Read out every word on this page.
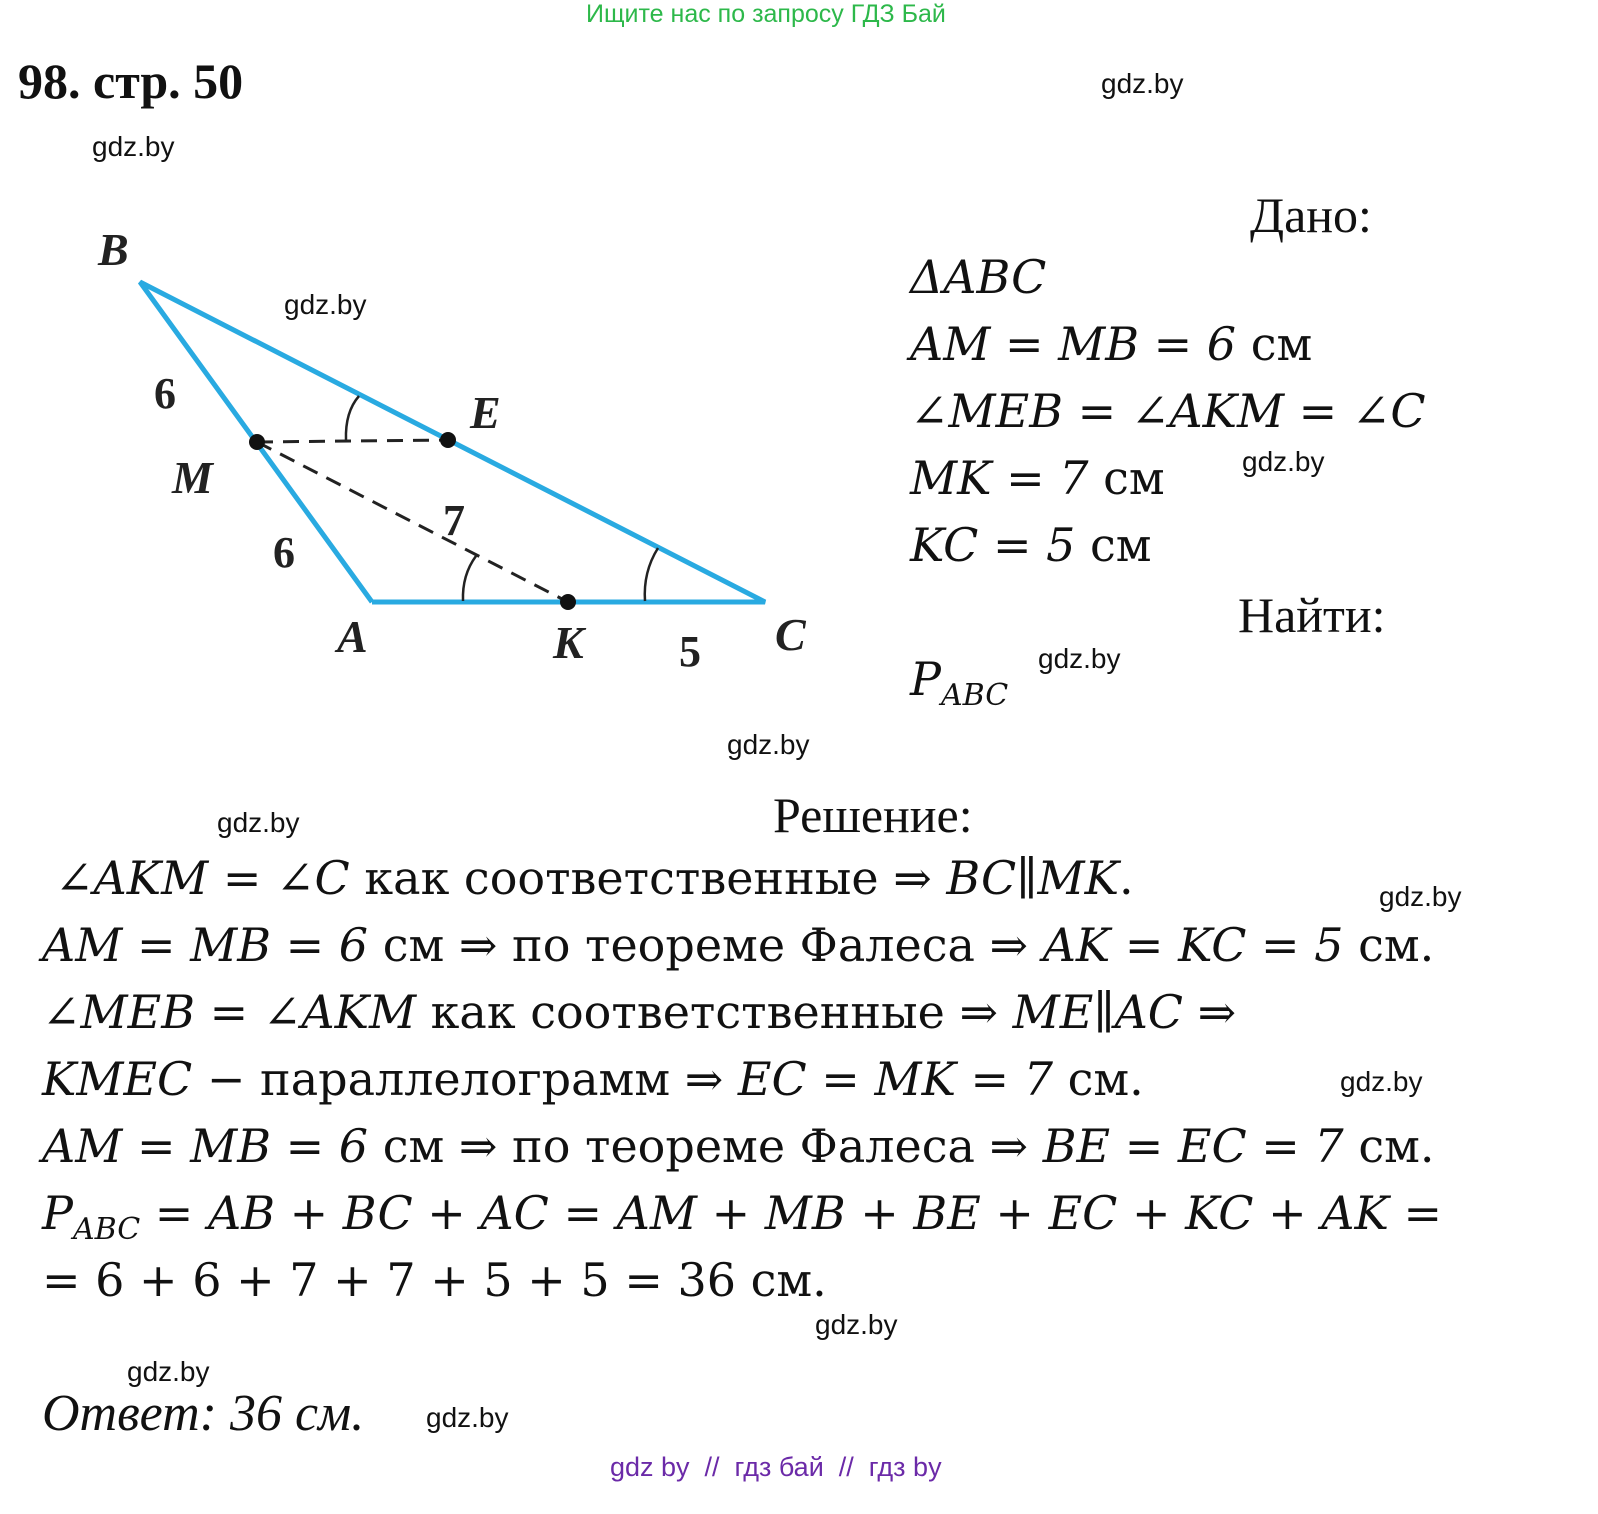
Ищите нас по запросу ГДЗ Бай
98. стр. 50	gdz.by
gdz.by
gdz.by
gdz.by
gdz.by
gdz.by
gdz.by
gdz.by
gdz.by
gdz.by
gdz.by
gdz.by
B
E
M
A	K	C
6
6
7
5
Дано:
ΔABC
AM = MB = 6 см
∠MEB = ∠AKM = ∠C
MK = 7 см
KC = 5 см
Найти:
$P_{ABC}$
Решение:
∠AKM = ∠C как соответственные ⇒ BC∥MK.
AM = MB = 6 см ⇒ по теореме Фалеса ⇒ AK = KC = 5 см.
∠MEB = ∠AKM как соответственные ⇒ ME∥AC ⇒
KMEC − параллелограмм ⇒ EC = MK = 7 см.
AM = MB = 6 см ⇒ по теореме Фалеса ⇒ BE = EC = 7 см.
$P_{ABC}$ = AB + BC + AC = AM + MB + BE + EC + KC + AK =
= 6 + 6 + 7 + 7 + 5 + 5 = 36 см.
Ответ: 36 см.
gdz by  //  гдз бай  //  гдз by
